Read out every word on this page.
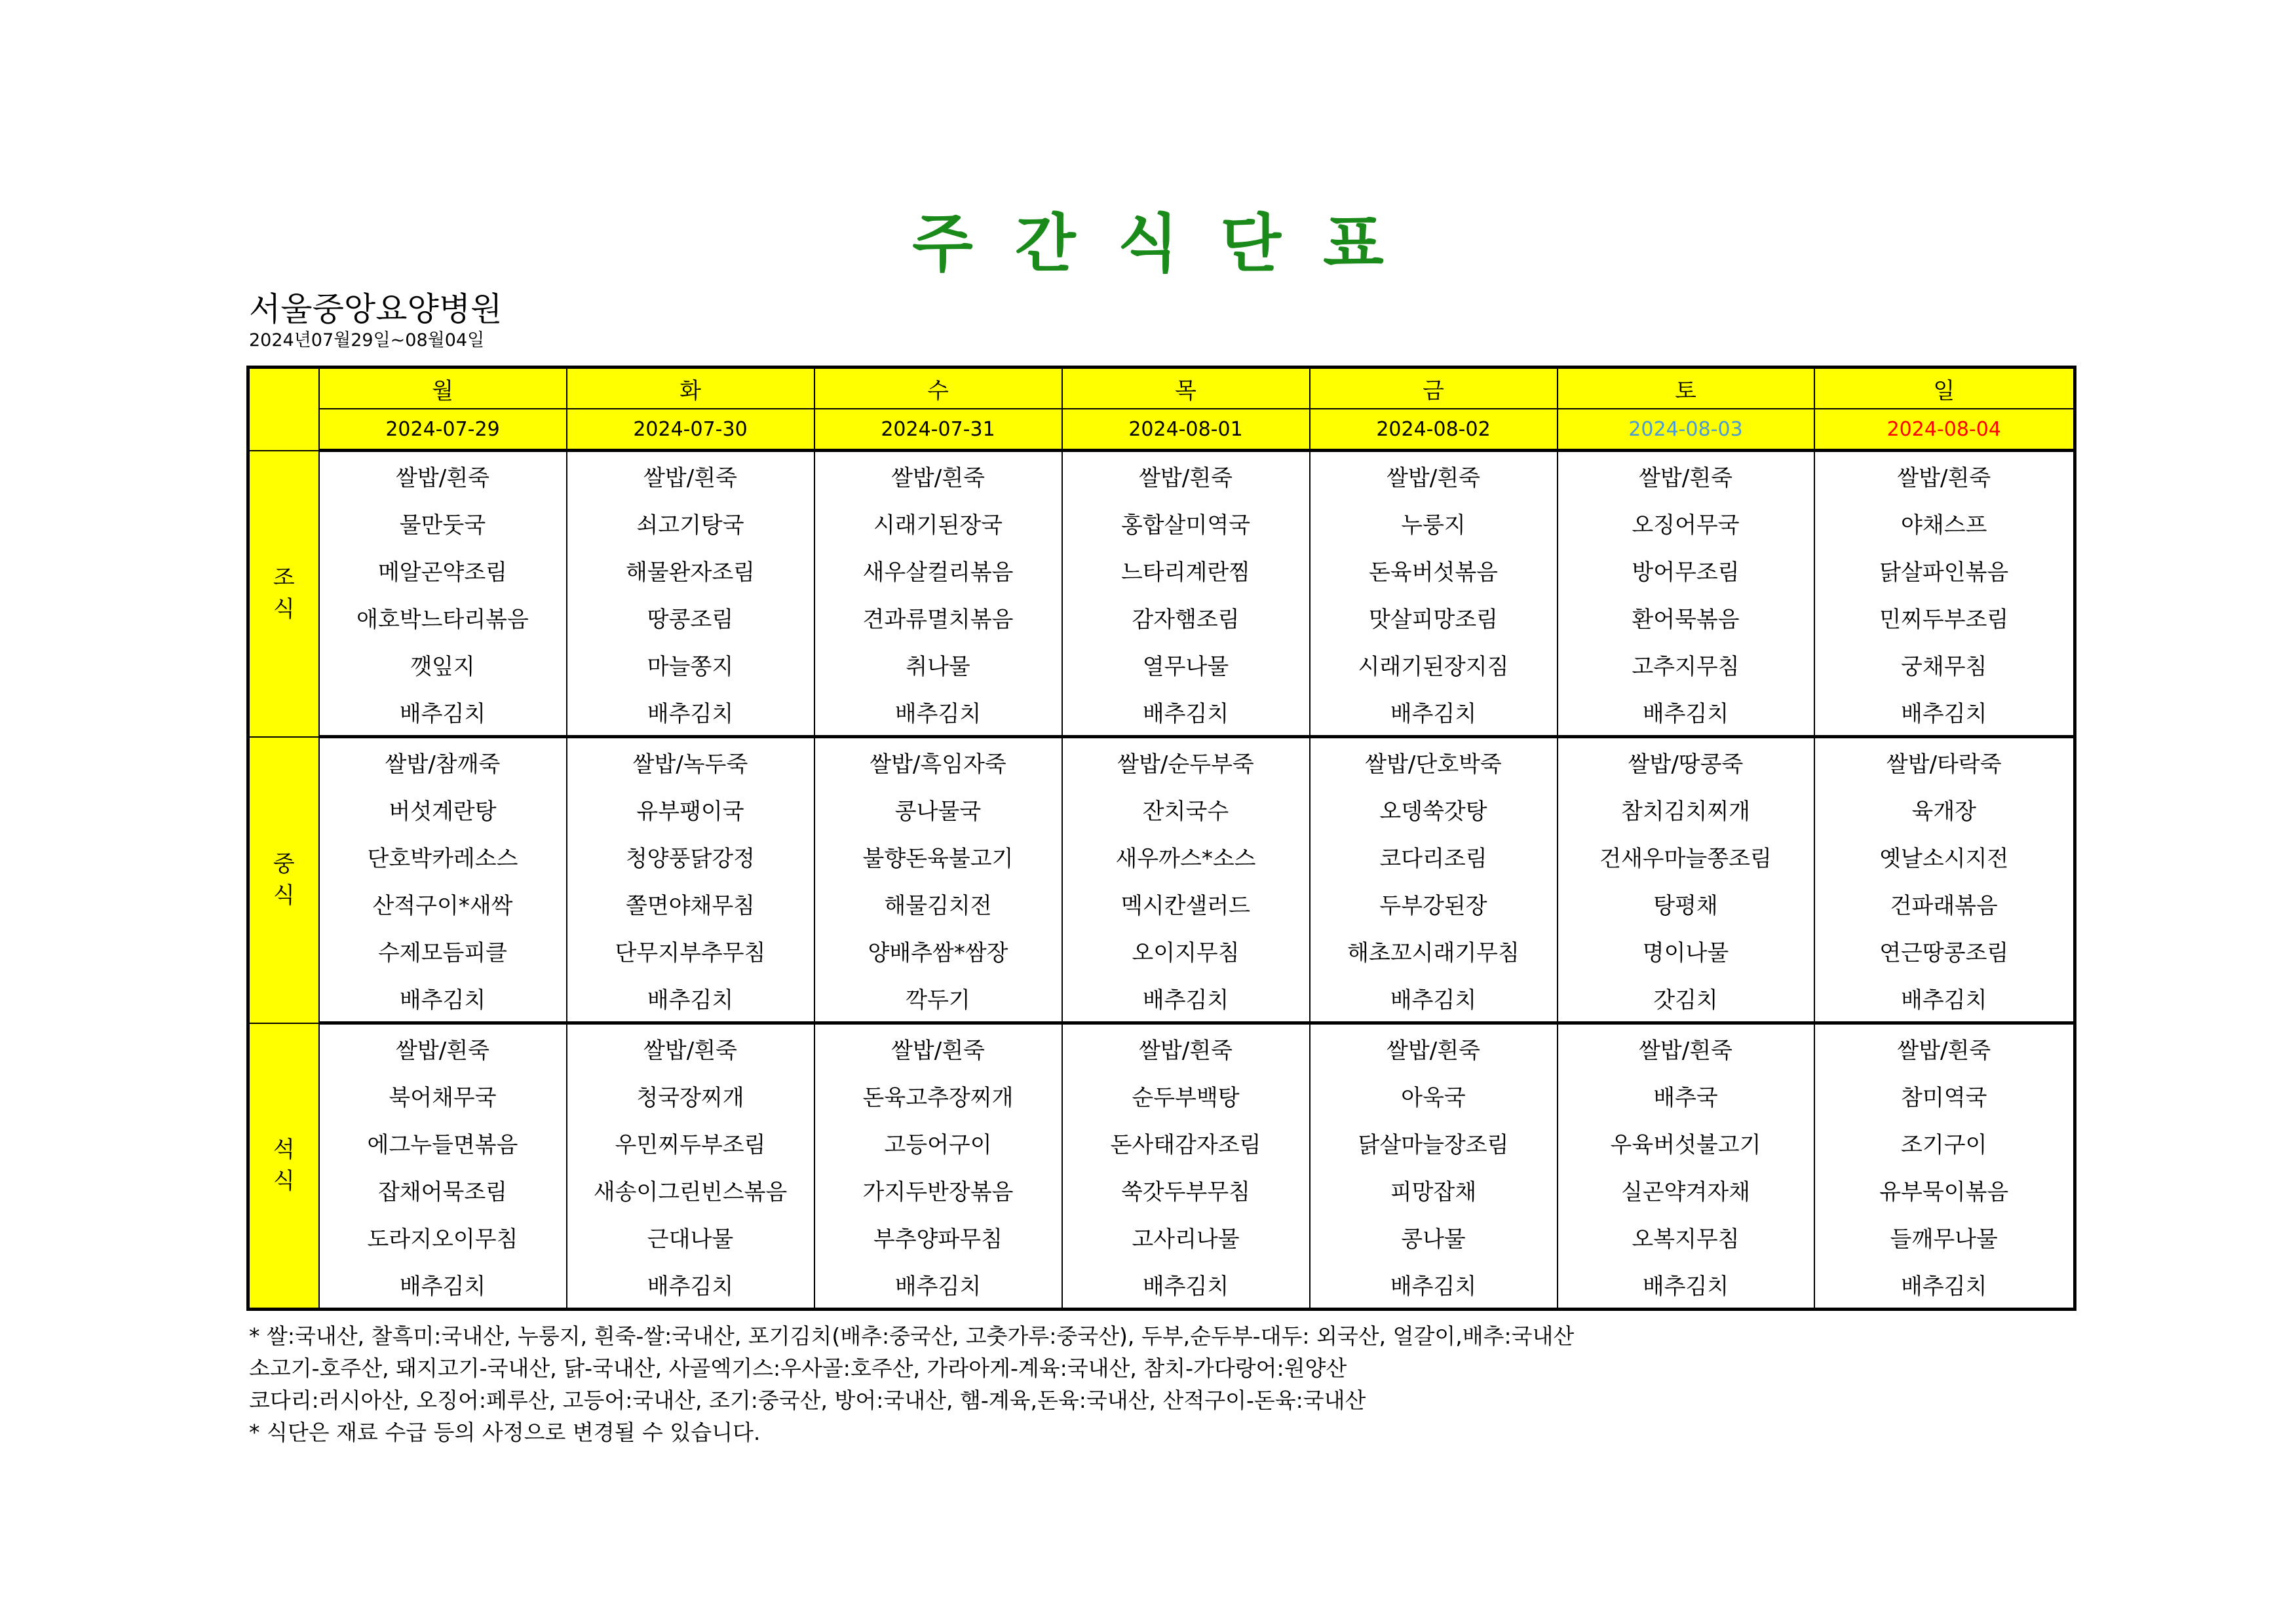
주 간 식 단 표
서울중앙요양병원
2024년07월29일~08월04일
	월	화	수	목	금	토	일
	2024-07-29	2024-07-30	2024-07-31	2024-08-01	2024-08-02	2024-08-03	2024-08-04

조
식	쌀밥/흰죽	쌀밥/흰죽	쌀밥/흰죽	쌀밥/흰죽	쌀밥/흰죽	쌀밥/흰죽	쌀밥/흰죽
	물만둣국	쇠고기탕국	시래기된장국	홍합살미역국	누룽지	오징어무국	야채스프
	메알곤약조림	해물완자조림	새우살컬리볶음	느타리계란찜	돈육버섯볶음	방어무조림	닭살파인볶음
	애호박느타리볶음	땅콩조림	견과류멸치볶음	감자햄조림	맛살피망조림	환어묵볶음	민찌두부조림
	깻잎지	마늘쫑지	취나물	열무나물	시래기된장지짐	고추지무침	궁채무침
	배추김치	배추김치	배추김치	배추김치	배추김치	배추김치	배추김치

중
식	쌀밥/참깨죽	쌀밥/녹두죽	쌀밥/흑임자죽	쌀밥/순두부죽	쌀밥/단호박죽	쌀밥/땅콩죽	쌀밥/타락죽
	버섯계란탕	유부팽이국	콩나물국	잔치국수	오뎅쑥갓탕	참치김치찌개	육개장
	단호박카레소스	청양풍닭강정	불향돈육불고기	새우까스*소스	코다리조림	건새우마늘쫑조림	옛날소시지전
	산적구이*새싹	쫄면야채무침	해물김치전	멕시칸샐러드	두부강된장	탕평채	건파래볶음
	수제모듬피클	단무지부추무침	양배추쌈*쌈장	오이지무침	해초꼬시래기무침	명이나물	연근땅콩조림
	배추김치	배추김치	깍두기	배추김치	배추김치	갓김치	배추김치

석
식	쌀밥/흰죽	쌀밥/흰죽	쌀밥/흰죽	쌀밥/흰죽	쌀밥/흰죽	쌀밥/흰죽	쌀밥/흰죽
	북어채무국	청국장찌개	돈육고추장찌개	순두부백탕	아욱국	배추국	참미역국
	에그누들면볶음	우민찌두부조림	고등어구이	돈사태감자조림	닭살마늘장조림	우육버섯불고기	조기구이
	잡채어묵조림	새송이그린빈스볶음	가지두반장볶음	쑥갓두부무침	피망잡채	실곤약겨자채	유부묵이볶음
	도라지오이무침	근대나물	부추양파무침	고사리나물	콩나물	오복지무침	들깨무나물
	배추김치	배추김치	배추김치	배추김치	배추김치	배추김치	배추김치
* 쌀:국내산, 찰흑미:국내산, 누룽지, 흰죽-쌀:국내산, 포기김치(배추:중국산, 고춧가루:중국산), 두부,순두부-대두: 외국산, 얼갈이,배추:국내산
소고기-호주산, 돼지고기-국내산, 닭-국내산, 사골엑기스:우사골:호주산, 가라아게-계육:국내산, 참치-가다랑어:원양산
코다리:러시아산, 오징어:페루산, 고등어:국내산, 조기:중국산, 방어:국내산, 햄-계육,돈육:국내산, 산적구이-돈육:국내산
* 식단은 재료 수급 등의 사정으로 변경될 수 있습니다.
